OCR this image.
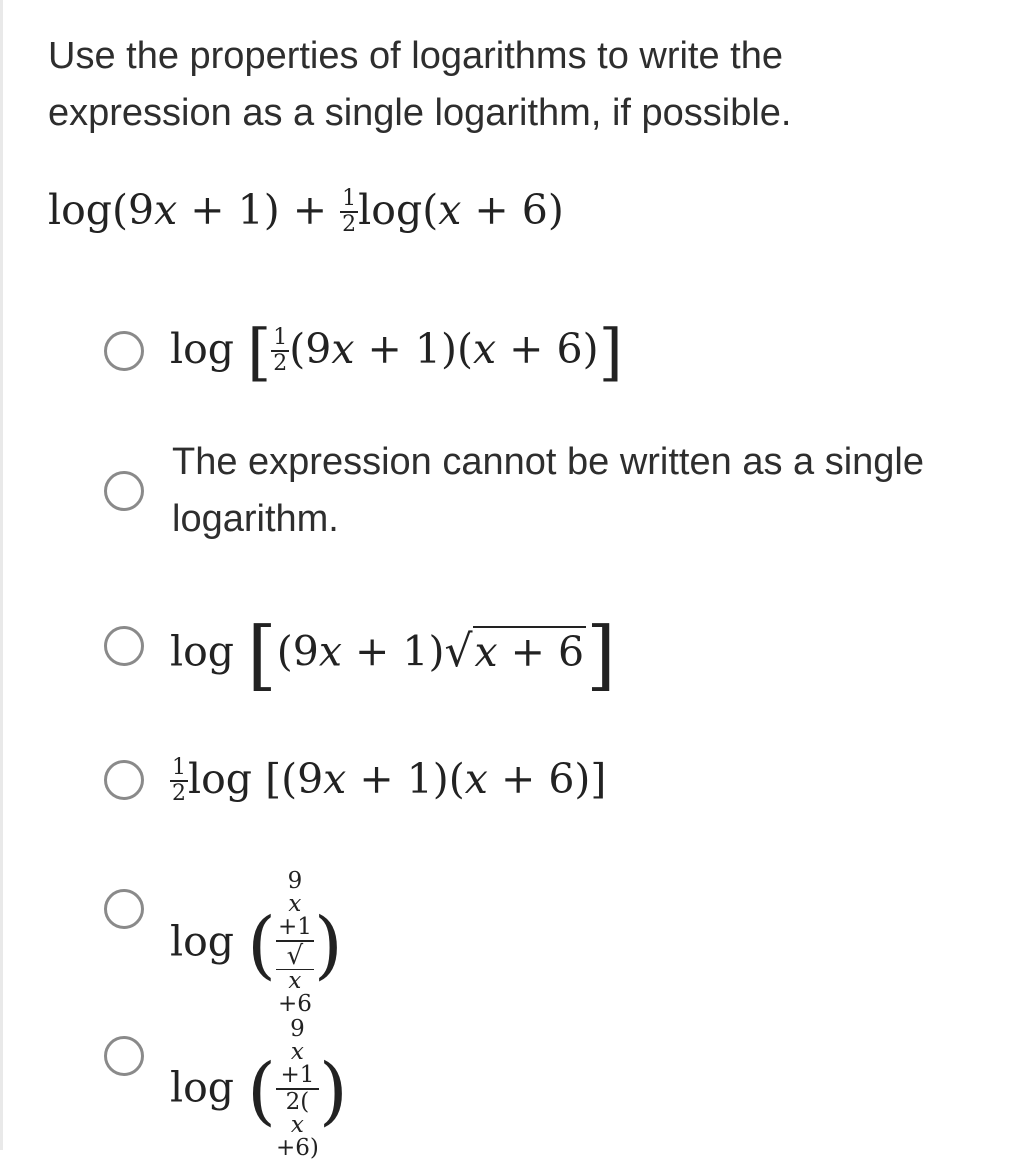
Use the properties of logarithms to write the expression as a single logarithm, if possible.
$\log(9x + 1) + \frac{1}{2} \log(x + 6)$
log [ $\frac{1}{2} (9x + 1)(x + 6)$]
The expression cannot be written as a single logarithm.
log [(9x + 1)√x + 6]
$\frac{1}{2}$ log [(9x + 1)(x + 6)]
log ( 9
x
+1
√
x
+6 )
log ( 9
x
+1
2(
x
+6) )
